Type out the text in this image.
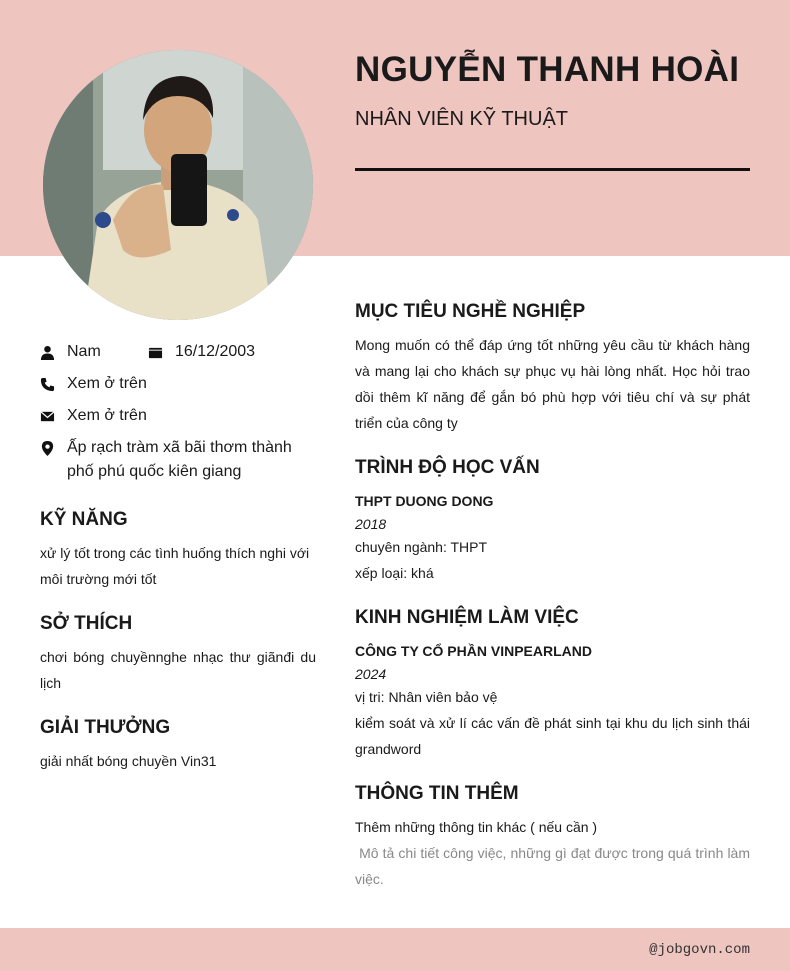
NGUYỄN THANH HOÀI
NHÂN VIÊN KỸ THUẬT
Nam	16/12/2003
Xem ở trên
Xem ở trên
Ấp rạch tràm xã bãi thơm thành phố phú quốc kiên giang
KỸ NĂNG

xử lý tốt trong các tình huống thích nghi với môi trường mới tốt

SỞ THÍCH

chơi bóng chuyềnnghe nhạc thư giãnđi du lịch

GIẢI THƯỞNG

giải nhất bóng chuyền Vin31

MỤC TIÊU NGHỀ NGHIỆP

Mong muốn có thể đáp ứng tốt những yêu cầu từ khách hàng và mang lại cho khách sự phục vụ hài lòng nhất. Học hỏi trao dồi thêm kĩ năng để gắn bó phù hợp với tiêu chí và sự phát triển của công ty

TRÌNH ĐỘ HỌC VẤN

THPT DUONG DONG

2018

chuyên ngành: THPT

xếp loại: khá

KINH NGHIỆM LÀM VIỆC

CÔNG TY CỔ PHẦN VINPEARLAND

2024

vị tri: Nhân viên bảo vệ

kiểm soát và xử lí các vấn đề phát sinh tại khu du lịch sinh thái grandword

THÔNG TIN THÊM

Thêm những thông tin khác ( nếu cần )

Mô tả chi tiết công việc, những gì đạt được trong quá trình làm việc.

@jobgovn.com
